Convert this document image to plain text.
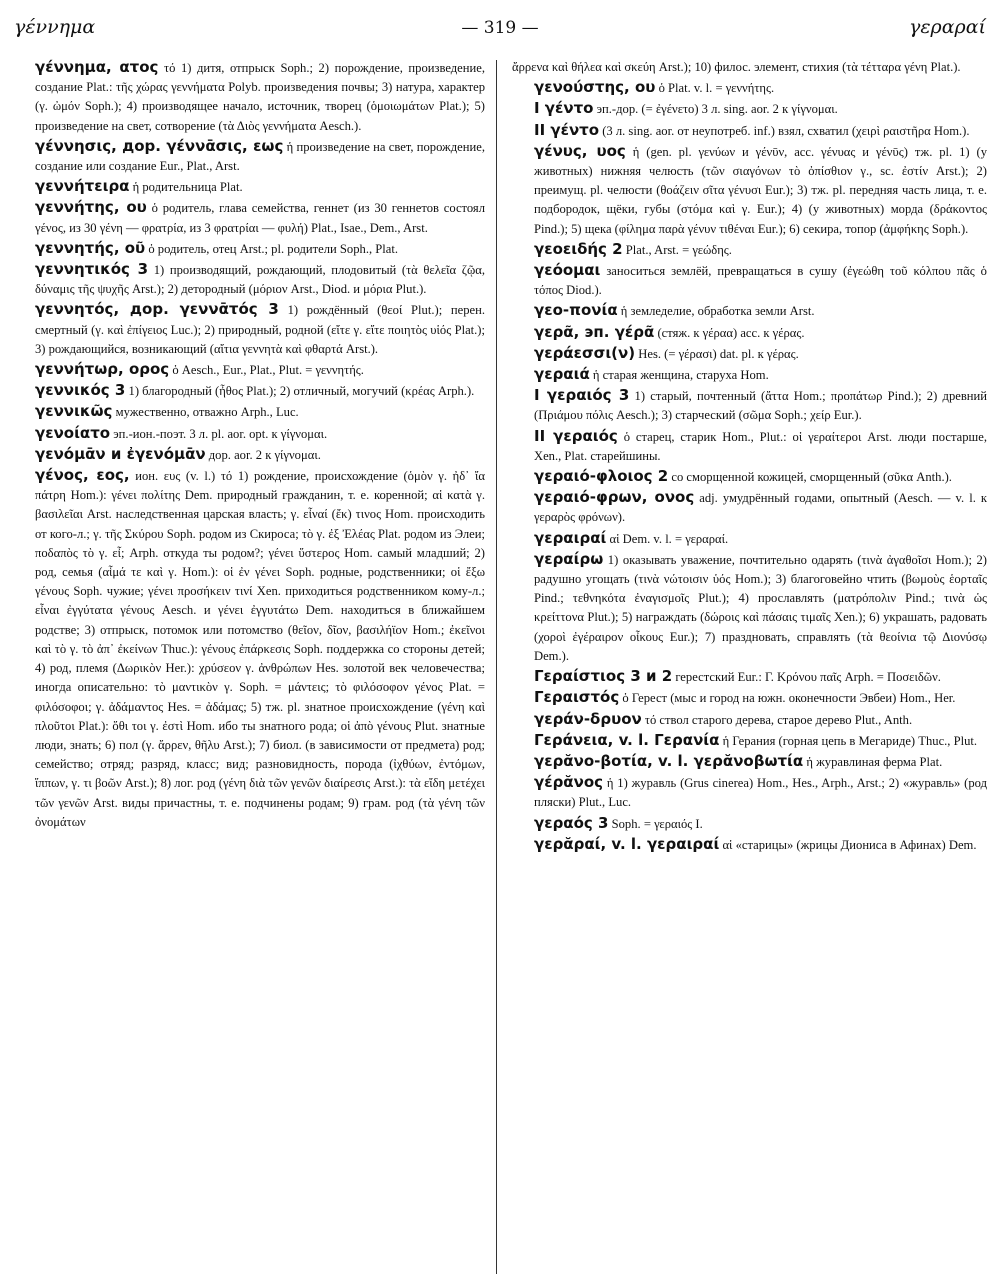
γέννημα	— 319 —	γεραραί

γέννημα, ατος τό 1) дитя, отпрыск Soph.; 2) порождение, произведение, создание Plat.: τῆς χώρας γεννήματα Polyb. произведения почвы; 3) натура, характер (γ. ὠμόν Soph.); 4) производящее начало, источник, творец (ὁμοιωμάτων Plat.); 5) произведение на свет, сотворение (τὰ Διὸς γεννήματα Aesch.).

γέννησις, дор. γέννᾱσις, εως ἡ произведение на свет, порождение, создание или создание Eur., Plat., Arst.

γεννήτειρα ἡ родительница Plat.

γεννήτης, ου ὁ родитель, глава семейства, геннет (из 30 геннетов состоял γένος, из 30 γένη — φρατρία, из 3 φρατρίαι — φυλή) Plat., Isae., Dem., Arst.

γεννητής, οῦ ὁ родитель, отец Arst.; pl. родители Soph., Plat.

γεννητικός 3 1) производящий, рождающий, плодовитый (τὰ θελεῖα ζῷα, δύναμις τῆς ψυχῆς Arst.); 2) детородный (μόριον Arst., Diod. и μόρια Plut.).

γεννητός, дор. γεννᾱτός 3 1) рождённый (θεοί Plut.); перен. смертный (γ. καὶ ἐπίγειος Luc.); 2) природный, родной (εἴτε γ. εἴτε ποιητὸς υἱός Plat.); 3) рождающийся, возникающий (αἴτια γεννητὰ καὶ φθαρτά Arst.).

γεννήτωρ, ορος ὁ Aesch., Eur., Plat., Plut. = γεννητής.

γεννικός 3 1) благородный (ἦθος Plat.); 2) отличный, могучий (κρέας Arph.).

γεννικῶς мужественно, отважно Arph., Luc.

γενοίατο эп.-ион.-поэт. 3 л. pl. aor. opt. к γίγνομαι.

γενόμᾱν и ἐγενόμᾱν дор. aor. 2 к γίγνομαι.

γένος, εος, ион. ευς (v. l.) τό 1) рождение, происхождение (ὁμὸν γ. ἠδ᾽ ἴα πάτρη Hom.): γένει πολίτης Dem. природный гражданин, т. е. коренной; αἱ κατὰ γ. βασιλεῖαι Arst. наследственная царская власть; γ. εἶναί (ἔκ) τινος Hom. происходить от кого-л.; γ. τῆς Σκύρου Soph. родом из Скироса; τὸ γ. ἐξ Ἐλέας Plat. родом из Элеи; ποδαπὸς τὸ γ. εἶ; Arph. откуда ты родом?; γένει ὕστερος Hom. самый младший; 2) род, семья (αἷμά τε καὶ γ. Hom.): οἱ ἐν γένει Soph. родные, родственники; οἱ ἔξω γένους Soph. чужие; γένει προσήκειν τινί Xen. приходиться родственником кому-л.; εἶναι ἐγγύτατα γένους Aesch. и γένει ἐγγυτάτω Dem. находиться в ближайшем родстве; 3) отпрыск, потомок или потомство (θεῖον, δῖον, βασιλήϊον Hom.; ἐκεῖνοι καὶ τὸ γ. τὸ ἀπ᾽ ἐκείνων Thuc.): γένους ἐπάρκεσις Soph. поддержка со стороны детей; 4) род, племя (Δωρικὸν Her.): χρύσεον γ. ἀνθρώπων Hes. золотой век человечества; иногда описательно: τὸ μαντικὸν γ. Soph. = μάντεις; τὸ φιλόσοφον γένος Plat. = φιλόσοφοι; γ. ἀδάμαντος Hes. = ἀδάμας; 5) тж. pl. знатное происхождение (γένη καὶ πλοῦτοι Plat.): ὅθι τοι γ. ἐστὶ Hom. ибо ты знатного рода; οἱ ἀπὸ γένους Plut. знатные люди, знать; 6) пол (γ. ἄρρεν, θῆλυ Arst.); 7) биол. (в зависимости от предмета) род; семейство; отряд; разряд, класс; вид; разновидность, порода (ἰχθύων, ἐντόμων, ἵππων, γ. τι βοῶν Arst.); 8) лог. род (γένη διὰ τῶν γενῶν διαίρεσις Arst.): τὰ εἴδη μετέχει τῶν γενῶν Arst. виды причастны, т. е. подчинены родам; 9) грам. род (τὰ γένη τῶν ὀνομάτων

ἄρρενα καὶ θήλεα καὶ σκεύη Arst.); 10) филос. элемент, стихия (τὰ τέτταρα γένη Plat.).

γενούστης, ου ὁ Plat. v. l. = γεννήτης.

I γέντο эп.-дор. (= ἐγένετο) 3 л. sing. aor. 2 к γίγνομαι.

II γέντο (3 л. sing. aor. от неупотреб. inf.) взял, схватил (χειρὶ ραιστῆρα Hom.).

γένυς, υος ἡ (gen. pl. γενύων и γένῡν, acc. γένυας и γένῡς) тж. pl. 1) (у животных) нижняя челюсть (τῶν σιαγόνων τὸ ὀπίσθιον γ., sc. ἐστίν Arst.); 2) преимущ. pl. челюсти (θοάζειν σῖτα γένυσι Eur.); 3) тж. pl. передняя часть лица, т. е. подбородок, щёки, губы (στόμα καὶ γ. Eur.); 4) (у животных) морда (δράκοντος Pind.); 5) щека (φίλημα παρὰ γένυν τιθέναι Eur.); 6) секира, топор (ἀμφήκης Soph.).

γεοειδής 2 Plat., Arst. = γεώδης.

γεόομαι заноситься землёй, превращаться в сушу (ἐγεώθη τοῦ κόλπου πᾶς ὁ τόπος Diod.).

γεο-πονία ἡ земледелие, обработка земли Arst.

γερᾶ, эп. γέρᾶ (стяж. к γέραα) acc. к γέρας.

γεράεσσι(ν) Hes. (= γέρασι) dat. pl. к γέρας.

γεραιά ἡ старая женщина, старуха Hom.

I γεραιός 3 1) старый, почтенный (ἄττα Hom.; προπάτωρ Pind.); 2) древний (Πριάμου πόλις Aesch.); 3) старческий (σῶμα Soph.; χείρ Eur.).

II γεραιός ὁ старец, старик Hom., Plut.: οἱ γεραίτεροι Arst. люди постарше, Xen., Plat. старейшины.

γεραιό-φλοιος 2 со сморщенной кожицей, сморщенный (σῦκα Anth.).

γεραιό-φρων, ονος adj. умудрённый годами, опытный (Aesch. — v. l. к γεραρὸς φρόνων).

γεραιραί αἱ Dem. v. l. = γεραραί.

γεραίρω 1) оказывать уважение, почтительно одарять (τινὰ ἀγαθοῖσι Hom.); 2) радушно угощать (τινὰ νώτοισιν ὑός Hom.); 3) благоговейно чтить (βωμοὺς ἑορταῖς Pind.; τεθνηκότα ἐναγισμοῖς Plut.); 4) прославлять (ματρόπολιν Pind.; τινὰ ὡς κρείττονα Plut.); 5) награждать (δώροις καὶ πάσαις τιμαῖς Xen.); 6) украшать, радовать (χοροὶ ἐγέραιρον οἶκους Eur.); 7) праздновать, справлять (τὰ θεοίνια τῷ Διονύσῳ Dem.).

Γεραίστιος 3 и 2 герестский Eur.: Γ. Κρόνου παῖς Arph. = Ποσειδῶν.

Γεραιστός ὁ Герест (мыс и город на южн. оконечности Эвбеи) Hom., Her.

γεράν-δρυον τό ствол старого дерева, старое дерево Plut., Anth.

Γεράνεια, v. l. Γερανία ἡ Герания (горная цепь в Мегариде) Thuc., Plut.

γερᾰνο-βοτία, v. l. γερᾰνοβωτία ἡ журавлиная ферма Plat.

γέρᾰνος ἡ 1) журавль (Grus cinerea) Hom., Hes., Arph., Arst.; 2) «журавль» (род пляски) Plut., Luc.

γεραός 3 Soph. = γεραιός I.

γερᾰραί, v. l. γεραιραί αἱ «старицы» (жрицы Диониса в Афинах) Dem.
